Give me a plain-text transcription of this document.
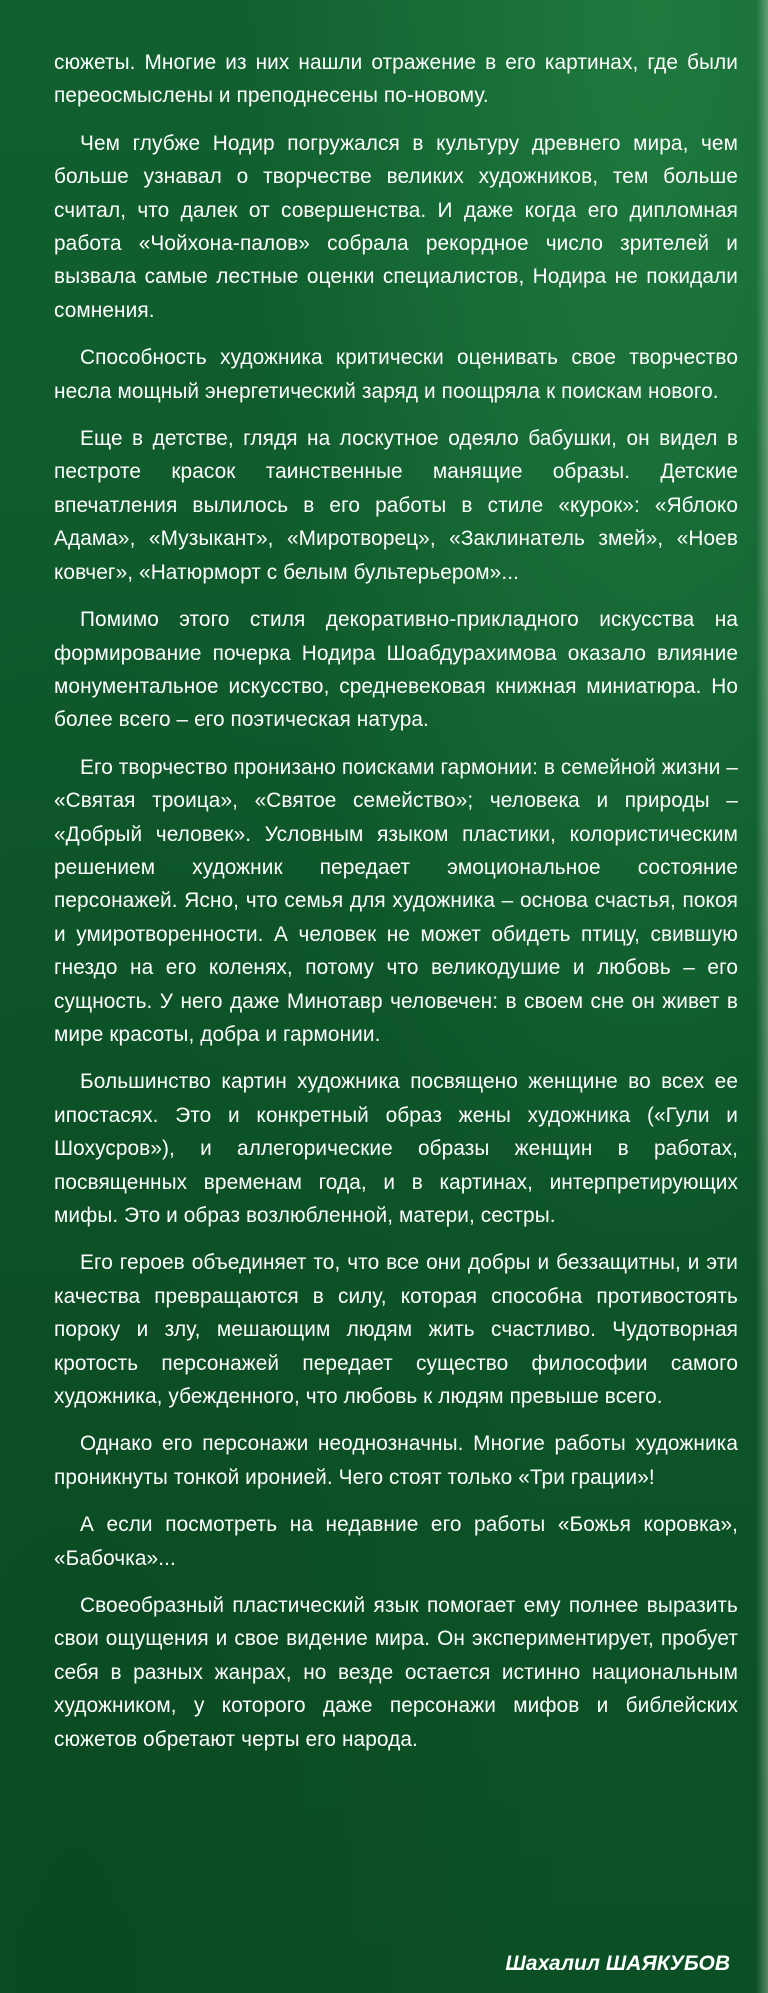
сюжеты. Многие из них нашли отражение в его картинах, где были переосмыслены и преподнесены по-новому.

Чем глубже Нодир погружался в культуру древнего мира, чем больше узнавал о творчестве великих художников, тем больше считал, что далек от совершенства. И даже когда его дипломная работа «Чойхона-палов» собрала рекордное число зрителей и вызвала самые лестные оценки специалистов, Нодира не покидали сомнения.

Способность художника критически оценивать свое творчество несла мощный энергетический заряд и поощряла к поискам нового.

Еще в детстве, глядя на лоскутное одеяло бабушки, он видел в пестроте красок таинственные манящие образы. Детские впечатления вылилось в его работы в стиле «курок»: «Яблоко Адама», «Музыкант», «Миротворец», «Заклинатель змей», «Ноев ковчег», «Натюрморт с белым бультерьером»...

Помимо этого стиля декоративно-прикладного искусства на формирование почерка Нодира Шоабдурахимова оказало влияние монументальное искусство, средневековая книжная миниатюра. Но более всего – его поэтическая натура.

Его творчество пронизано поисками гармонии: в семейной жизни – «Святая троица», «Святое семейство»; человека и природы – «Добрый человек». Условным языком пластики, колористическим решением художник передает эмоциональное состояние персонажей. Ясно, что семья для художника – основа счастья, покоя и умиротворенности. А человек не может обидеть птицу, свившую гнездо на его коленях, потому что великодушие и любовь – его сущность. У него даже Минотавр человечен: в своем сне он живет в мире красоты, добра и гармонии.

Большинство картин художника посвящено женщине во всех ее ипостасях. Это и конкретный образ жены художника («Гули и Шохусров»), и аллегорические образы женщин в работах, посвященных временам года, и в картинах, интерпретирующих мифы. Это и образ возлюбленной, матери, сестры.

Его героев объединяет то, что все они добры и беззащитны, и эти качества превращаются в силу, которая способна противостоять пороку и злу, мешающим людям жить счастливо. Чудотворная кротость персонажей передает существо философии самого художника, убежденного, что любовь к людям превыше всего.

Однако его персонажи неоднозначны. Многие работы художника проникнуты тонкой иронией. Чего стоят только «Три грации»!

А если посмотреть на недавние его работы «Божья коровка», «Бабочка»...

Своеобразный пластический язык помогает ему полнее выразить свои ощущения и свое видение мира. Он экспериментирует, пробует себя в разных жанрах, но везде остается истинно национальным художником, у которого даже персонажи мифов и библейских сюжетов обретают черты его народа.

Шахалил ШАЯКУБОВ
